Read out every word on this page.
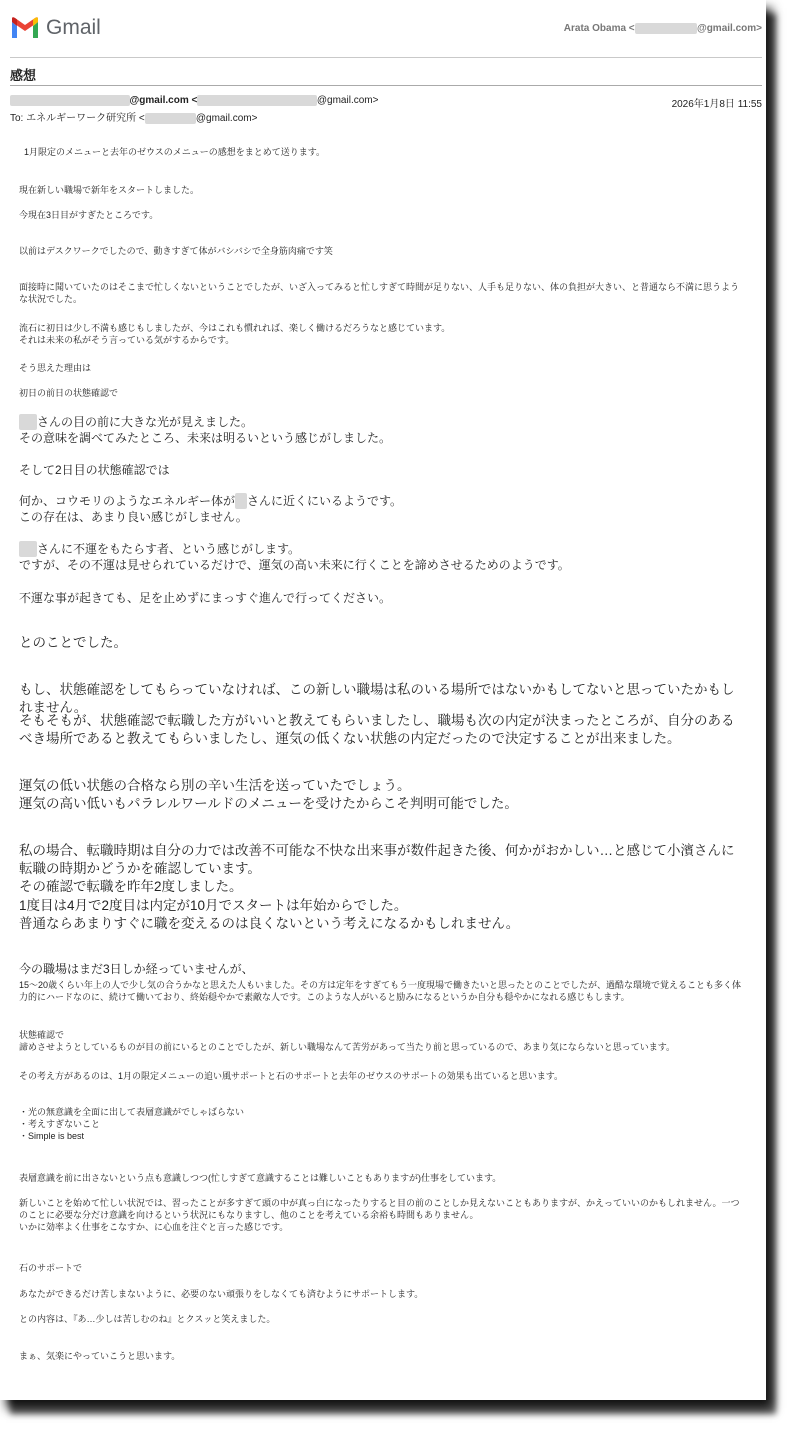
Gmail	Arata Obama <	@gmail.com>
感想
@gmail.com <	@gmail.com>	2026年1月8日 11:55
To: エネルギーワーク研究所 <	@gmail.com>
1月限定のメニューと去年のゼウスのメニューの感想をまとめて送ります。
現在新しい職場で新年をスタートしました。
今現在3日目がすぎたところです。
以前はデスクワークでしたので、動きすぎて体がバシバシで全身筋肉痛です笑
面接時に聞いていたのはそこまで忙しくないということでしたが、いざ入ってみると忙しすぎて時間が足りない、人手も足りない、体の負担が大きい、と普通なら不満に思うような状況でした。
流石に初日は少し不満も感じもしましたが、今はこれも慣れれば、楽しく働けるだろうなと感じています。
それは未来の私がそう言っている気がするからです。
そう思えた理由は
初日の前日の状態確認で
さんの目の前に大きな光が見えました。
その意味を調べてみたところ、未来は明るいという感じがしました。
そして2日目の状態確認では
何か、コウモリのようなエネルギー体が さんに近くにいるようです。
この存在は、あまり良い感じがしません。
さんに不運をもたらす者、という感じがします。
ですが、その不運は見せられているだけで、運気の高い未来に行くことを諦めさせるためのようです。
不運な事が起きても、足を止めずにまっすぐ進んで行ってください。
とのことでした。
もし、状態確認をしてもらっていなければ、この新しい職場は私のいる場所ではないかもしてないと思っていたかもしれません。
そもそもが、状態確認で転職した方がいいと教えてもらいましたし、職場も次の内定が決まったところが、自分のあるべき場所であると教えてもらいましたし、運気の低くない状態の内定だったので決定することが出来ました。
運気の低い状態の合格なら別の辛い生活を送っていたでしょう。
運気の高い低いもパラレルワールドのメニューを受けたからこそ判明可能でした。
私の場合、転職時期は自分の力では改善不可能な不快な出来事が数件起きた後、何かがおかしい…と感じて小濱さんに転職の時期かどうかを確認しています。
その確認で転職を昨年2度しました。
1度目は4月で2度目は内定が10月でスタートは年始からでした。
普通ならあまりすぐに職を変えるのは良くないという考えになるかもしれません。
今の職場はまだ3日しか経っていませんが、
15〜20歳くらい年上の人で少し気の合うかなと思えた人もいました。その方は定年をすぎてもう一度現場で働きたいと思ったとのことでしたが、過酷な環境で覚えることも多く体力的にハードなのに、続けて働いており、終始穏やかで素敵な人です。このような人がいると励みになるというか自分も穏やかになれる感じもします。
状態確認で
諦めさせようとしているものが目の前にいるとのことでしたが、新しい職場なんて苦労があって当たり前と思っているので、あまり気にならないと思っています。
その考え方があるのは、1月の限定メニューの追い風サポートと石のサポートと去年のゼウスのサポートの効果も出ていると思います。
・光の無意識を全面に出して表層意識がでしゃばらない
・考えすぎないこと
・Simple is best
表層意識を前に出さないという点も意識しつつ(忙しすぎて意識することは難しいこともありますが)仕事をしています。
新しいことを始めて忙しい状況では、習ったことが多すぎて頭の中が真っ白になったりすると目の前のことしか見えないこともありますが、かえっていいのかもしれません。一つのことに必要な分だけ意識を向けるという状況にもなりますし、他のことを考えている余裕も時間もありません。
いかに効率よく仕事をこなすか、に心血を注ぐと言った感じです。
石のサポートで
あなたができるだけ苦しまないように、必要のない頑張りをしなくても済むようにサポートします。
との内容は、『あ…少しは苦しむのね』とクスッと笑えました。
まぁ、気楽にやっていこうと思います。
